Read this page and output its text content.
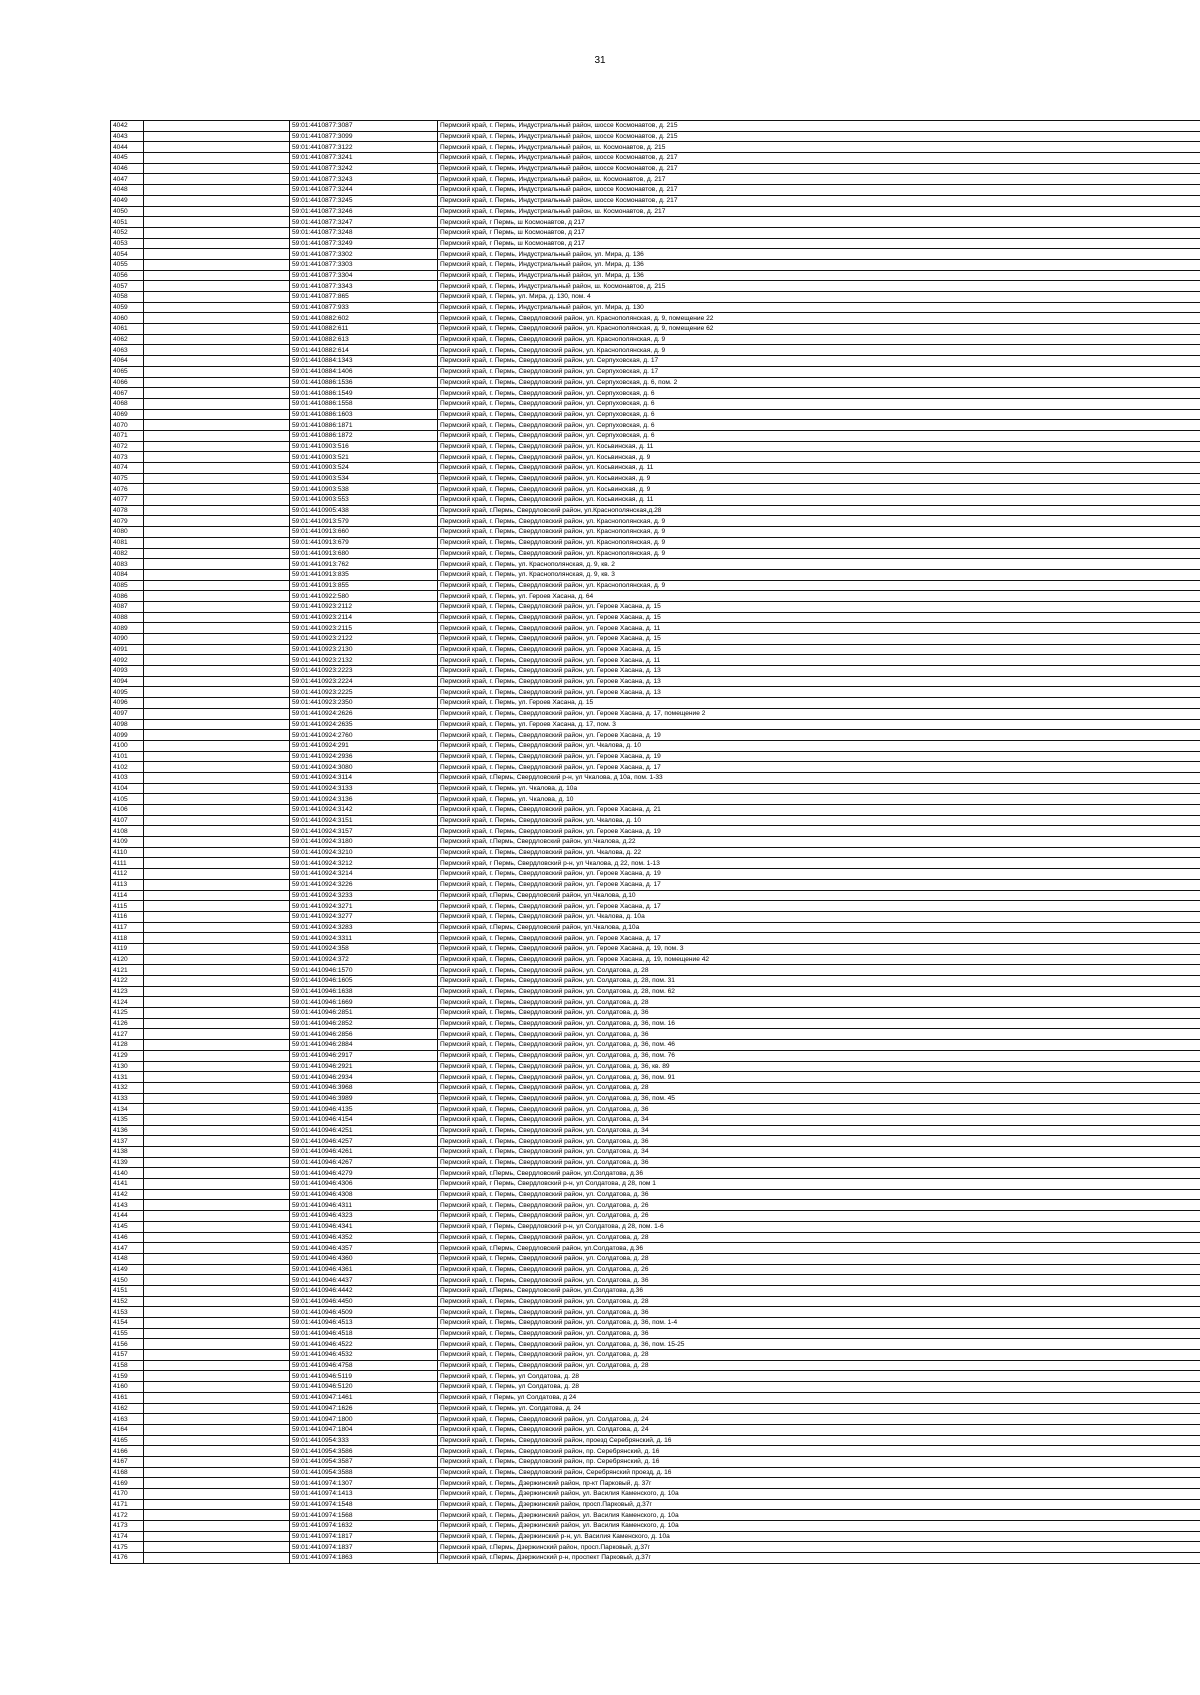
31
4042		59:01:4410877:3087	Пермский край, г. Пермь, Индустриальный район, шоссе Космонавтов, д. 215
4043		59:01:4410877:3099	Пермский край, г. Пермь, Индустриальный район, шоссе Космонавтов, д. 215
4044		59:01:4410877:3122	Пермский край, г. Пермь, Индустриальный район, ш. Космонавтов, д. 215
4045		59:01:4410877:3241	Пермский край, г. Пермь, Индустриальный район, шоссе Космонавтов, д. 217
4046		59:01:4410877:3242	Пермский край, г. Пермь, Индустриальный район, шоссе Космонавтов, д. 217
4047		59:01:4410877:3243	Пермский край, г. Пермь, Индустриальный район, ш. Космонавтов, д. 217
4048		59:01:4410877:3244	Пермский край, г. Пермь, Индустриальный район, шоссе Космонавтов, д. 217
4049		59:01:4410877:3245	Пермский край, г. Пермь, Индустриальный район, шоссе Космонавтов, д. 217
4050		59:01:4410877:3246	Пермский край, г. Пермь, Индустриальный район, ш. Космонавтов, д. 217
4051		59:01:4410877:3247	Пермский край, г Пермь, ш Космонавтов, д 217
4052		59:01:4410877:3248	Пермский край, г Пермь, ш Космонавтов, д 217
4053		59:01:4410877:3249	Пермский край, г Пермь, ш Космонавтов, д 217
4054		59:01:4410877:3302	Пермский край, г. Пермь, Индустриальный район, ул. Мира, д. 136
4055		59:01:4410877:3303	Пермский край, г. Пермь, Индустриальный район, ул. Мира, д. 136
4056		59:01:4410877:3304	Пермский край, г. Пермь, Индустриальный район, ул. Мира, д. 136
4057		59:01:4410877:3343	Пермский край, г. Пермь, Индустриальный район, ш. Космонавтов, д. 215
4058		59:01:4410877:865	Пермский край, г. Пермь, ул. Мира, д. 130, пом. 4
4059		59:01:4410877:933	Пермский край, г. Пермь, Индустриальный район, ул. Мира, д. 130
4060		59:01:4410882:602	Пермский край, г. Пермь, Свердловский район, ул. Краснополянская, д. 9, помещение 22
4061		59:01:4410882:611	Пермский край, г. Пермь, Свердловский район, ул. Краснополянская, д. 9, помещение 62
4062		59:01:4410882:613	Пермский край, г. Пермь, Свердловский район, ул. Краснополянская, д. 9
4063		59:01:4410882:614	Пермский край, г. Пермь, Свердловский район, ул. Краснополянская, д. 9
4064		59:01:4410884:1343	Пермский край, г. Пермь, Свердловский район, ул. Серпуховская, д. 17
4065		59:01:4410884:1406	Пермский край, г. Пермь, Свердловский район, ул. Серпуховская, д. 17
4066		59:01:4410886:1536	Пермский край, г. Пермь, Свердловский район, ул. Серпуховская, д. 6, пом. 2
4067		59:01:4410886:1549	Пермский край, г. Пермь, Свердловский район, ул. Серпуховская, д. 6
4068		59:01:4410886:1558	Пермский край, г. Пермь, Свердловский район, ул. Серпуховская, д. 6
4069		59:01:4410886:1603	Пермский край, г. Пермь, Свердловский район, ул. Серпуховская, д. 6
4070		59:01:4410886:1871	Пермский край, г. Пермь, Свердловский район, ул. Серпуховская, д. 6
4071		59:01:4410886:1872	Пермский край, г. Пермь, Свердловский район, ул. Серпуховская, д. 6
4072		59:01:4410903:516	Пермский край, г. Пермь, Свердловский район, ул. Косьвинская, д. 11
4073		59:01:4410903:521	Пермский край, г. Пермь, Свердловский район, ул. Косьвинская, д. 9
4074		59:01:4410903:524	Пермский край, г. Пермь, Свердловский район, ул. Косьвинская, д. 11
4075		59:01:4410903:534	Пермский край, г. Пермь, Свердловский район, ул. Косьвинская, д. 9
4076		59:01:4410903:538	Пермский край, г. Пермь, Свердловский район, ул. Косьвинская, д. 9
4077		59:01:4410903:553	Пермский край, г. Пермь, Свердловский район, ул. Косьвинская, д. 11
4078		59:01:4410905:438	Пермский край, г.Пермь, Свердловский район, ул.Краснополянская,д.28
4079		59:01:4410913:579	Пермский край, г. Пермь, Свердловский район, ул. Краснополянская, д. 9
4080		59:01:4410913:660	Пермский край, г. Пермь, Свердловский район, ул. Краснополянская, д. 9
4081		59:01:4410913:679	Пермский край, г. Пермь, Свердловский район, ул. Краснополянская, д. 9
4082		59:01:4410913:680	Пермский край, г. Пермь, Свердловский район, ул. Краснополянская, д. 9
4083		59:01:4410913:762	Пермский край, г. Пермь, ул. Краснополянская, д. 9, кв. 2
4084		59:01:4410913:835	Пермский край, г. Пермь, ул. Краснополянская, д. 9, кв. 3
4085		59:01:4410913:855	Пермский край, г. Пермь, Свердловский район, ул. Краснополянская, д. 9
4086		59:01:4410922:580	Пермский край, г. Пермь, ул. Героев Хасана, д. 64
4087		59:01:4410923:2112	Пермский край, г. Пермь, Свердловский район, ул. Героев Хасана, д. 15
4088		59:01:4410923:2114	Пермский край, г. Пермь, Свердловский район, ул. Героев Хасана, д. 15
4089		59:01:4410923:2115	Пермский край, г. Пермь, Свердловский район, ул. Героев Хасана, д. 11
4090		59:01:4410923:2122	Пермский край, г. Пермь, Свердловский район, ул. Героев Хасана, д. 15
4091		59:01:4410923:2130	Пермский край, г. Пермь, Свердловский район, ул. Героев Хасана, д. 15
4092		59:01:4410923:2132	Пермский край, г. Пермь, Свердловский район, ул. Героев Хасана, д. 11
4093		59:01:4410923:2223	Пермский край, г. Пермь, Свердловский район, ул. Героев Хасана, д. 13
4094		59:01:4410923:2224	Пермский край, г. Пермь, Свердловский район, ул. Героев Хасана, д. 13
4095		59:01:4410923:2225	Пермский край, г. Пермь, Свердловский район, ул. Героев Хасана, д. 13
4096		59:01:4410923:2350	Пермский край, г. Пермь, ул. Героев Хасана, д. 15
4097		59:01:4410924:2626	Пермский край, г. Пермь, Свердловский район, ул. Героев Хасана, д. 17, помещение 2
4098		59:01:4410924:2635	Пермский край, г. Пермь, ул. Героев Хасана, д. 17, пом. 3
4099		59:01:4410924:2760	Пермский край, г. Пермь, Свердловский район, ул. Героев Хасана, д. 19
4100		59:01:4410924:291	Пермский край, г. Пермь, Свердловский район, ул. Чкалова, д. 10
4101		59:01:4410924:2936	Пермский край, г. Пермь, Свердловский район, ул. Героев Хасана, д. 19
4102		59:01:4410924:3080	Пермский край, г. Пермь, Свердловский район, ул. Героев Хасана, д. 17
4103		59:01:4410924:3114	Пермский край, г.Пермь, Свердловский р-н, ул Чкалова, д 10а, пом. 1-33
4104		59:01:4410924:3133	Пермский край, г. Пермь, ул. Чкалова, д. 10а
4105		59:01:4410924:3136	Пермский край, г. Пермь, ул. Чкалова, д. 10
4106		59:01:4410924:3142	Пермский край, г. Пермь, Свердловский район, ул. Героев Хасана, д. 21
4107		59:01:4410924:3151	Пермский край, г. Пермь, Свердловский район, ул. Чкалова, д. 10
4108		59:01:4410924:3157	Пермский край, г. Пермь, Свердловский район, ул. Героев Хасана, д. 19
4109		59:01:4410924:3180	Пермский край, г.Пермь, Свердловский район, ул.Чкалова, д.22
4110		59:01:4410924:3210	Пермский край, г. Пермь, Свердловский район, ул. Чкалова, д. 22
4111		59:01:4410924:3212	Пермский край, г Пермь, Свердловский р-н, ул Чкалова, д 22, пом. 1-13
4112		59:01:4410924:3214	Пермский край, г. Пермь, Свердловский район, ул. Героев Хасана, д. 19
4113		59:01:4410924:3226	Пермский край, г. Пермь, Свердловский район, ул. Героев Хасана, д. 17
4114		59:01:4410924:3233	Пермский край, г.Пермь, Свердловский район, ул.Чкалова, д.10
4115		59:01:4410924:3271	Пермский край, г. Пермь, Свердловский район, ул. Героев Хасана, д. 17
4116		59:01:4410924:3277	Пермский край, г. Пермь, Свердловский район, ул. Чкалова, д. 10а
4117		59:01:4410924:3283	Пермский край, г.Пермь, Свердловский район, ул.Чкалова, д.10а
4118		59:01:4410924:3311	Пермский край, г. Пермь, Свердловский район, ул. Героев Хасана, д. 17
4119		59:01:4410924:358	Пермский край, г. Пермь, Свердловский район, ул. Героев Хасана, д. 19, пом. 3
4120		59:01:4410924:372	Пермский край, г. Пермь, Свердловский район, ул. Героев Хасана, д. 19, помещение 42
4121		59:01:4410946:1570	Пермский край, г. Пермь, Свердловский район, ул. Солдатова, д. 28
4122		59:01:4410946:1605	Пермский край, г. Пермь, Свердловский район, ул. Солдатова, д. 28, пом. 31
4123		59:01:4410946:1638	Пермский край, г. Пермь, Свердловский район, ул. Солдатова, д. 28, пом. 62
4124		59:01:4410946:1669	Пермский край, г. Пермь, Свердловский район, ул. Солдатова, д. 28
4125		59:01:4410946:2851	Пермский край, г. Пермь, Свердловский район, ул. Солдатова, д. 36
4126		59:01:4410946:2852	Пермский край, г. Пермь, Свердловский район, ул. Солдатова, д. 36, пом. 16
4127		59:01:4410946:2856	Пермский край, г. Пермь, Свердловский район, ул. Солдатова, д. 36
4128		59:01:4410946:2884	Пермский край, г. Пермь, Свердловский район, ул. Солдатова, д. 36, пом. 46
4129		59:01:4410946:2917	Пермский край, г. Пермь, Свердловский район, ул. Солдатова, д. 36, пом. 76
4130		59:01:4410946:2921	Пермский край, г. Пермь, Свердловский район, ул. Солдатова, д. 36, кв. 89
4131		59:01:4410946:2934	Пермский край, г. Пермь, Свердловский район, ул. Солдатова, д. 36, пом. 91
4132		59:01:4410946:3968	Пермский край, г. Пермь, Свердловский район, ул. Солдатова, д. 28
4133		59:01:4410946:3989	Пермский край, г. Пермь, Свердловский район, ул. Солдатова, д. 36, пом. 45
4134		59:01:4410946:4135	Пермский край, г. Пермь, Свердловский район, ул. Солдатова, д. 36
4135		59:01:4410946:4154	Пермский край, г. Пермь, Свердловский район, ул. Солдатова, д. 34
4136		59:01:4410946:4251	Пермский край, г. Пермь, Свердловский район, ул. Солдатова, д. 34
4137		59:01:4410946:4257	Пермский край, г. Пермь, Свердловский район, ул. Солдатова, д. 36
4138		59:01:4410946:4261	Пермский край, г. Пермь, Свердловский район, ул. Солдатова, д. 34
4139		59:01:4410946:4267	Пермский край, г. Пермь, Свердловский район, ул. Солдатова, д. 36
4140		59:01:4410946:4279	Пермский край, г.Пермь, Свердловский район, ул.Солдатова, д.36
4141		59:01:4410946:4306	Пермский край, г Пермь, Свердловский р-н, ул Солдатова, д 28, пом 1
4142		59:01:4410946:4308	Пермский край, г. Пермь, Свердловский район, ул. Солдатова, д. 36
4143		59:01:4410946:4311	Пермский край, г. Пермь, Свердловский район, ул. Солдатова, д. 26
4144		59:01:4410946:4323	Пермский край, г. Пермь, Свердловский район, ул. Солдатова, д. 26
4145		59:01:4410946:4341	Пермский край, г Пермь, Свердловский р-н, ул Солдатова, д 28, пом. 1-6
4146		59:01:4410946:4352	Пермский край, г. Пермь, Свердловский район, ул. Солдатова, д. 28
4147		59:01:4410946:4357	Пермский край, г.Пермь, Свердловский район, ул.Солдатова, д.36
4148		59:01:4410946:4360	Пермский край, г. Пермь, Свердловский район, ул. Солдатова, д. 28
4149		59:01:4410946:4361	Пермский край, г. Пермь, Свердловский район, ул. Солдатова, д. 26
4150		59:01:4410946:4437	Пермский край, г. Пермь, Свердловский район, ул. Солдатова, д. 36
4151		59:01:4410946:4442	Пермский край, г.Пермь, Свердловский район, ул.Солдатова, д.36
4152		59:01:4410946:4450	Пермский край, г. Пермь, Свердловский район, ул. Солдатова, д. 28
4153		59:01:4410946:4509	Пермский край, г. Пермь, Свердловский район, ул. Солдатова, д. 36
4154		59:01:4410946:4513	Пермский край, г. Пермь, Свердловский район, ул. Солдатова, д. 36, пом. 1-4
4155		59:01:4410946:4518	Пермский край, г. Пермь, Свердловский район, ул. Солдатова, д. 36
4156		59:01:4410946:4522	Пермский край, г. Пермь, Свердловский район, ул. Солдатова, д. 36, пом. 15-25
4157		59:01:4410946:4532	Пермский край, г. Пермь, Свердловский район, ул. Солдатова, д. 28
4158		59:01:4410946:4758	Пермский край, г. Пермь, Свердловский район, ул. Солдатова, д. 28
4159		59:01:4410946:5119	Пермский край, г. Пермь, ул Солдатова, д. 28
4160		59:01:4410946:5120	Пермский край, г. Пермь, ул Солдатова, д. 28
4161		59:01:4410947:1461	Пермский край, г Пермь, ул Солдатова, д 24
4162		59:01:4410947:1626	Пермский край, г. Пермь, ул. Солдатова, д. 24
4163		59:01:4410947:1800	Пермский край, г. Пермь, Свердловский район, ул. Солдатова, д. 24
4164		59:01:4410947:1804	Пермский край, г. Пермь, Свердловский район, ул. Солдатова, д. 24
4165		59:01:4410954:333	Пермский край, г. Пермь, Свердловский район, проезд Серебрянский, д. 16
4166		59:01:4410954:3586	Пермский край, г. Пермь, Свердловский район, пр. Серебрянский, д. 16
4167		59:01:4410954:3587	Пермский край, г. Пермь, Свердловский район, пр. Серебрянский, д. 16
4168		59:01:4410954:3588	Пермский край, г. Пермь, Свердловский район, Серебрянский проезд, д. 16
4169		59:01:4410974:1307	Пермский край, г. Пермь, Дзержинский район, пр-кт Парковый, д. 37г
4170		59:01:4410974:1413	Пермский край, г. Пермь, Дзержинский район, ул. Василия Каменского, д. 10а
4171		59:01:4410974:1548	Пермский край, г. Пермь, Дзержинский район, просп.Парковый, д.37г
4172		59:01:4410974:1568	Пермский край, г. Пермь, Дзержинский район, ул. Василия Каменского, д. 10а
4173		59:01:4410974:1632	Пермский край, г. Пермь, Дзержинский район, ул. Василия Каменского, д. 10а
4174		59:01:4410974:1817	Пермский край, г. Пермь, Дзержинский р-н, ул. Василия Каменского, д. 10а
4175		59:01:4410974:1837	Пермский край, г.Пермь, Дзержинский район, просп.Парковый, д.37г
4176		59:01:4410974:1863	Пермский край, г.Пермь, Дзержинский р-н, проспект Парковый, д.37г
